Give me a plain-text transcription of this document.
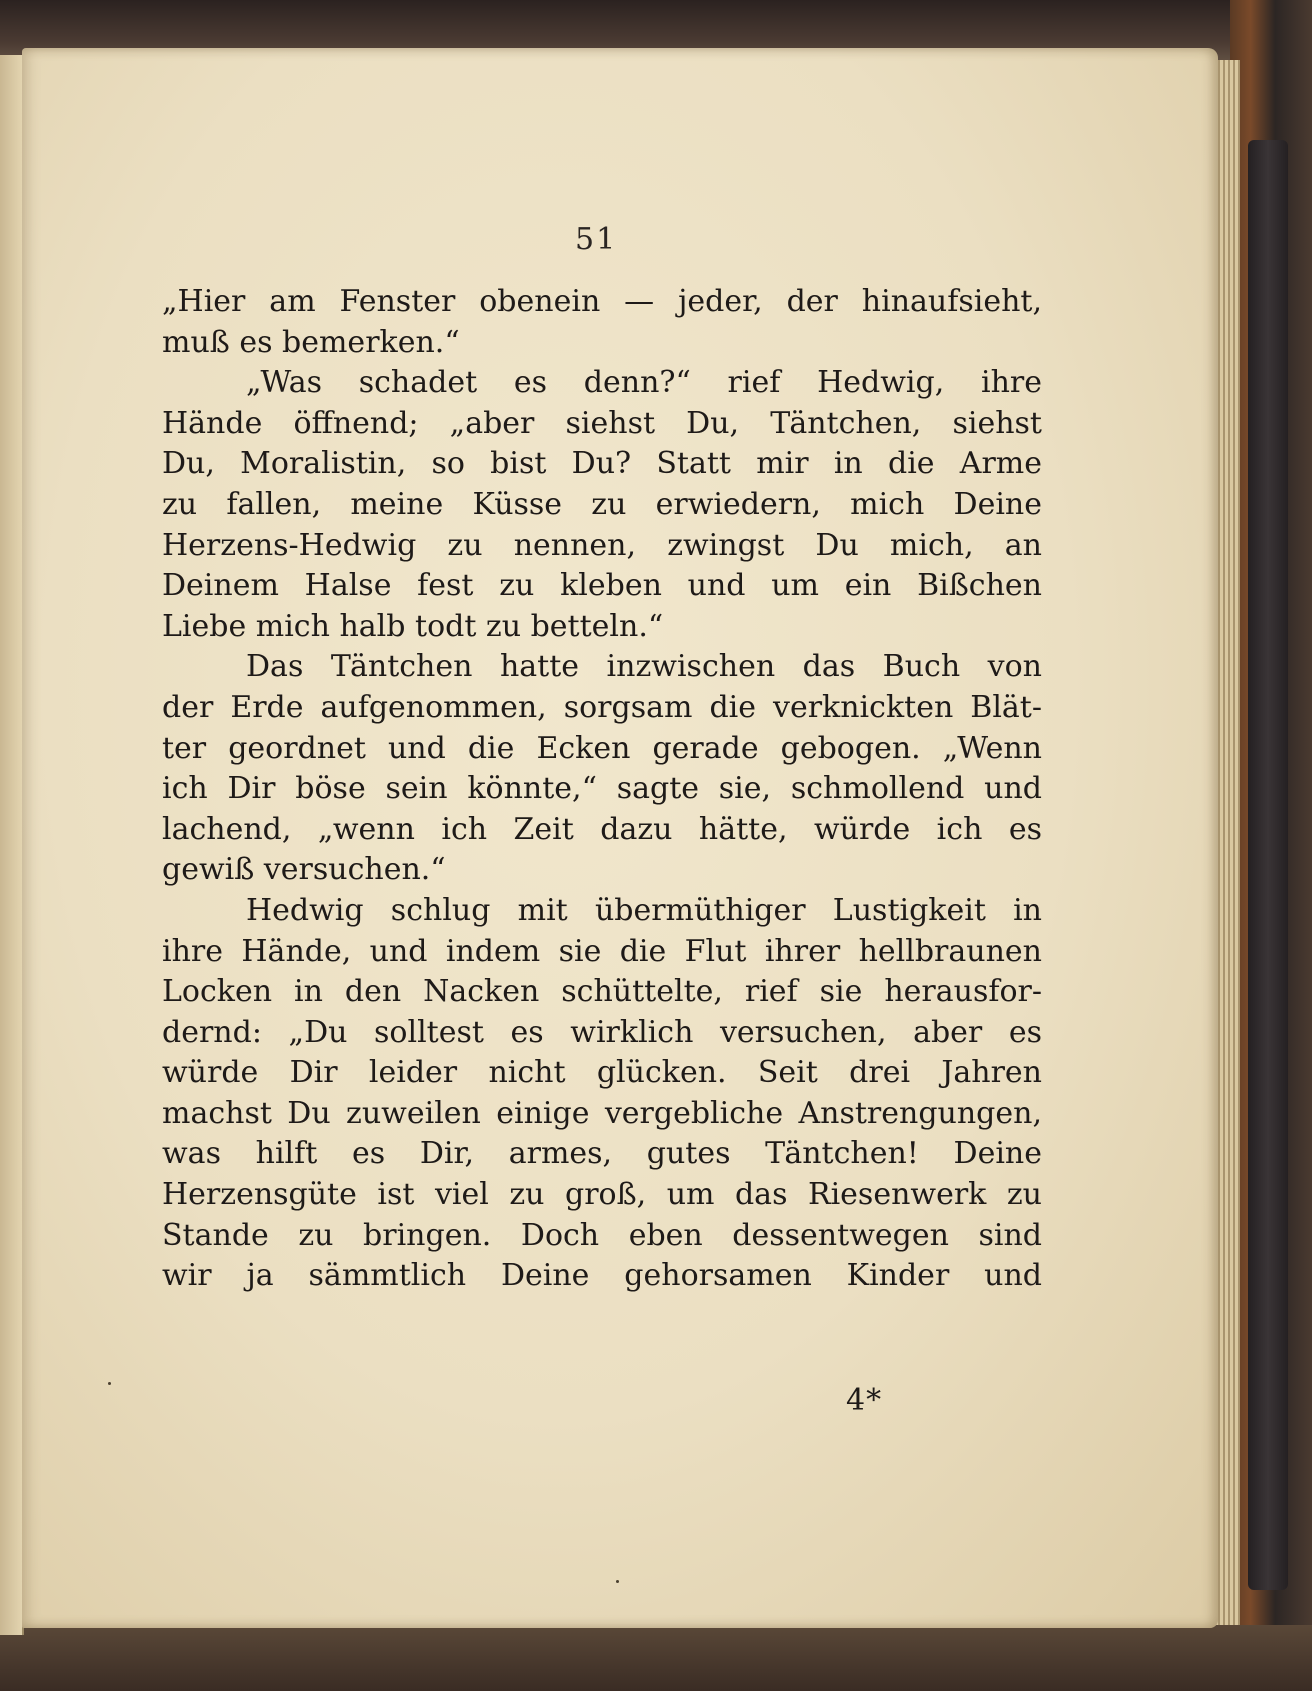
51
„Hier am Fenster obenein — jeder, der hinaufsieht,
muß es bemerken.“
„Was schadet es denn?“ rief Hedwig, ihre
Hände öffnend; „aber siehst Du, Täntchen, siehst
Du, Moralistin, so bist Du? Statt mir in die Arme
zu fallen, meine Küsse zu erwiedern, mich Deine
Herzens-Hedwig zu nennen, zwingst Du mich, an
Deinem Halse fest zu kleben und um ein Bißchen
Liebe mich halb todt zu betteln.“
Das Täntchen hatte inzwischen das Buch von
der Erde aufgenommen, sorgsam die verknickten Blät-
ter geordnet und die Ecken gerade gebogen. „Wenn
ich Dir böse sein könnte,“ sagte sie, schmollend und
lachend, „wenn ich Zeit dazu hätte, würde ich es
gewiß versuchen.“
Hedwig schlug mit übermüthiger Lustigkeit in
ihre Hände, und indem sie die Flut ihrer hellbraunen
Locken in den Nacken schüttelte, rief sie herausfor-
dernd: „Du solltest es wirklich versuchen, aber es
würde Dir leider nicht glücken. Seit drei Jahren
machst Du zuweilen einige vergebliche Anstrengungen,
was hilft es Dir, armes, gutes Täntchen! Deine
Herzensgüte ist viel zu groß, um das Riesenwerk zu
Stande zu bringen. Doch eben dessentwegen sind
wir ja sämmtlich Deine gehorsamen Kinder und
4*
